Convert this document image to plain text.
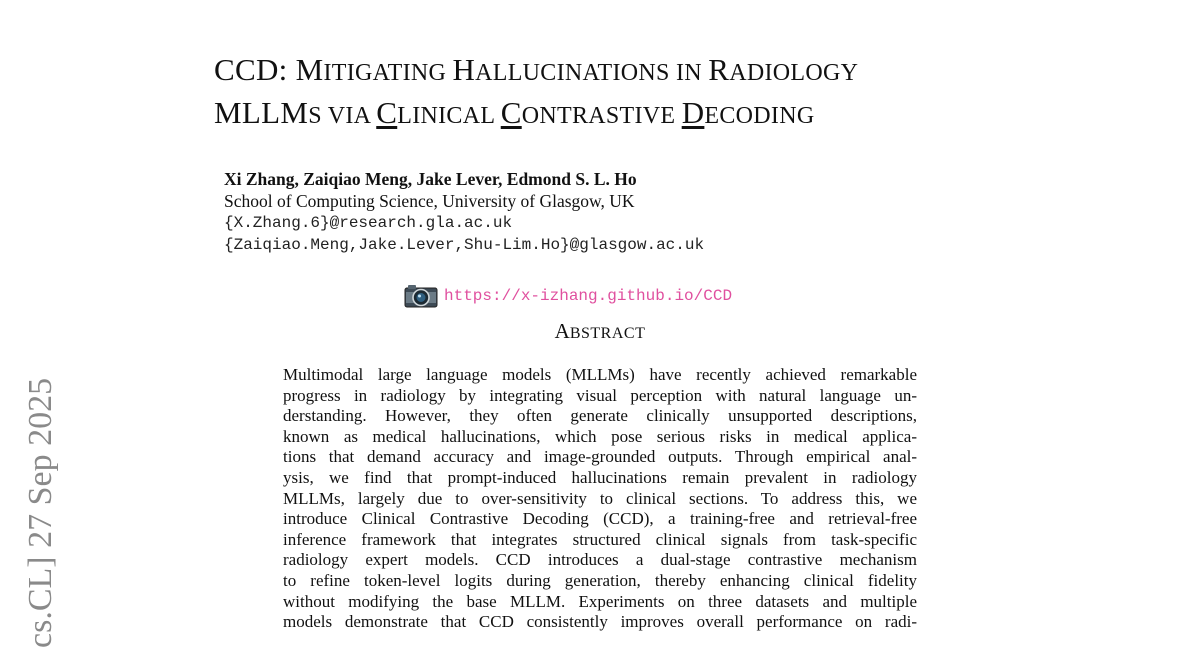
cs.CL] 27 Sep 2025
CCD: MITIGATING HALLUCINATIONS IN RADIOLOGY
MLLMS VIA CLINICAL CONTRASTIVE DECODING
Xi Zhang, Zaiqiao Meng, Jake Lever, Edmond S. L. Ho
School of Computing Science, University of Glasgow, UK
{X.Zhang.6}@research.gla.ac.uk
{Zaiqiao.Meng,Jake.Lever,Shu-Lim.Ho}@glasgow.ac.uk
https://x-izhang.github.io/CCD
ABSTRACT
Multimodal large language models (MLLMs) have recently achieved remarkable
progress in radiology by integrating visual perception with natural language un-
derstanding. However, they often generate clinically unsupported descriptions,
known as medical hallucinations, which pose serious risks in medical applica-
tions that demand accuracy and image-grounded outputs. Through empirical anal-
ysis, we find that prompt-induced hallucinations remain prevalent in radiology
MLLMs, largely due to over-sensitivity to clinical sections. To address this, we
introduce Clinical Contrastive Decoding (CCD), a training-free and retrieval-free
inference framework that integrates structured clinical signals from task-specific
radiology expert models. CCD introduces a dual-stage contrastive mechanism
to refine token-level logits during generation, thereby enhancing clinical fidelity
without modifying the base MLLM. Experiments on three datasets and multiple
models demonstrate that CCD consistently improves overall performance on radi-
